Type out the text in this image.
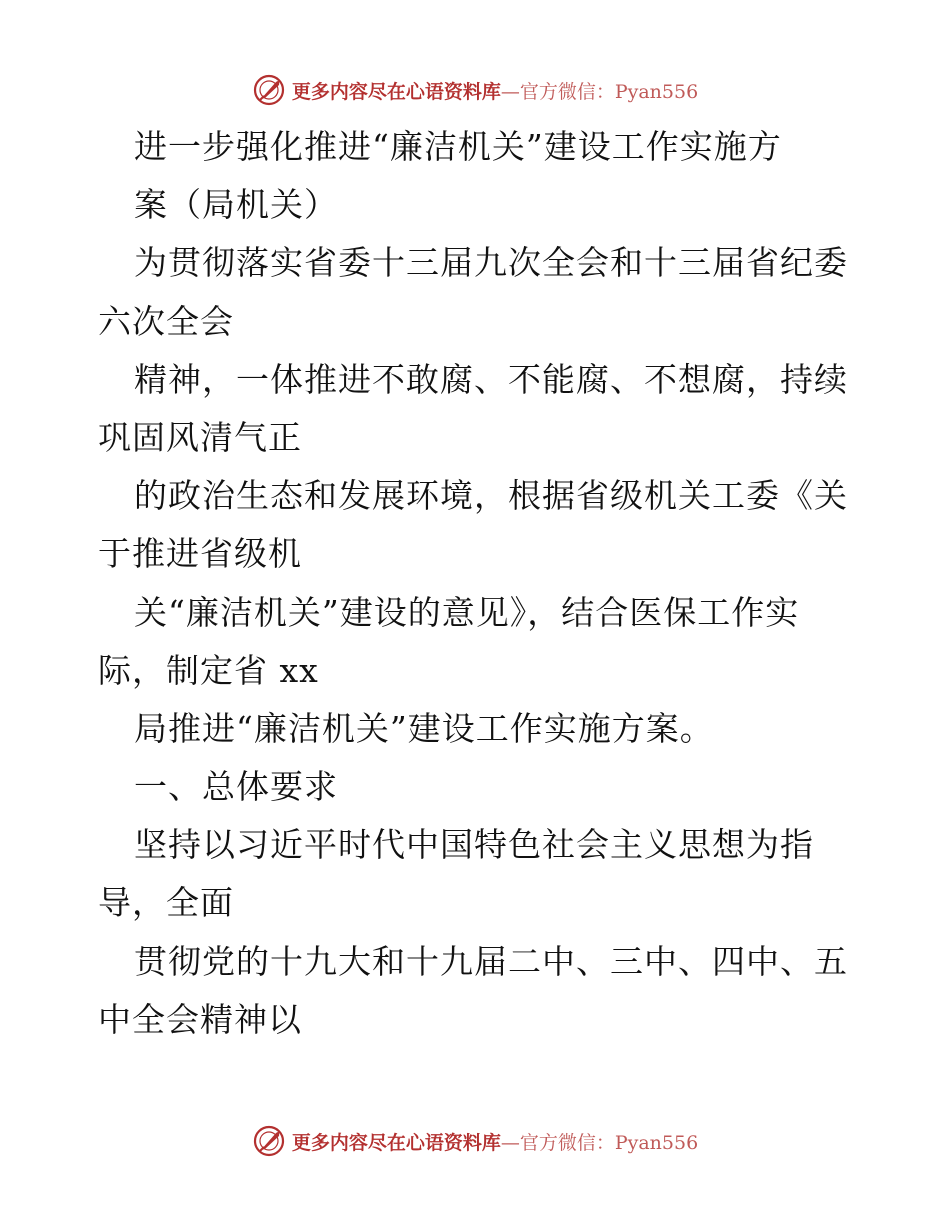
更多内容尽在心语资料库—官方微信：Pyan556
进一步强化推进“廉洁机关”建设工作实施方
案（局机关）
为贯彻落实省委十三届九次全会和十三届省纪委
六次全会
精神，一体推进不敢腐、不能腐、不想腐，持续
巩固风清气正
的政治生态和发展环境，根据省级机关工委《关
于推进省级机
关“廉洁机关”建设的意见》，结合医保工作实
际，制定省 xx
局推进“廉洁机关”建设工作实施方案。
一、总体要求
坚持以习近平时代中国特色社会主义思想为指
导，全面
贯彻党的十九大和十九届二中、三中、四中、五
中全会精神以
更多内容尽在心语资料库—官方微信：Pyan556
